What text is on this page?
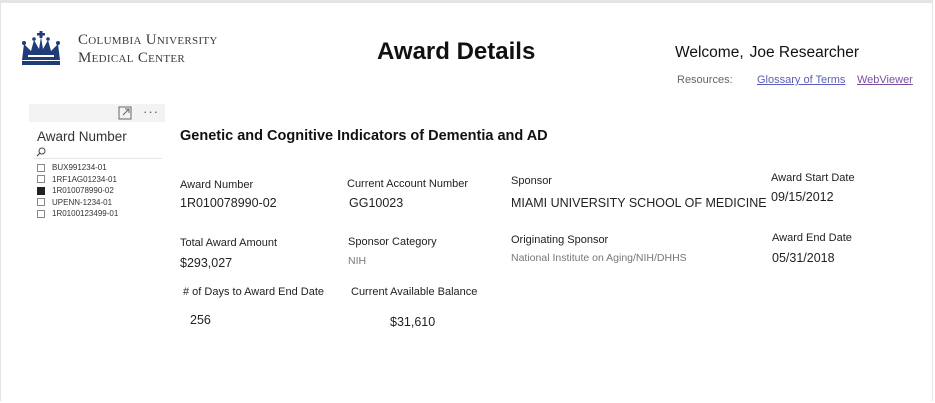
Columbia University
Medical Center	Award Details	Welcome, Joe Researcher
Resources: Glossary of Terms WebViewer
···
Award Number
BUX991234-01
1RF1AG01234-01
1R010078990-02
UPENN-1234-01
1R0100123499-01
Genetic and Cognitive Indicators of Dementia and AD
Award Number
1R010078990-02
Current Account Number
GG10023
Sponsor
MIAMI UNIVERSITY SCHOOL OF MEDICINE
Award Start Date
09/15/2012
Total Award Amount
$293,027
Sponsor Category
NIH
Originating Sponsor
National Institute on Aging/NIH/DHHS
Award End Date
05/31/2018
# of Days to Award End Date
256
Current Available Balance
$31,610
